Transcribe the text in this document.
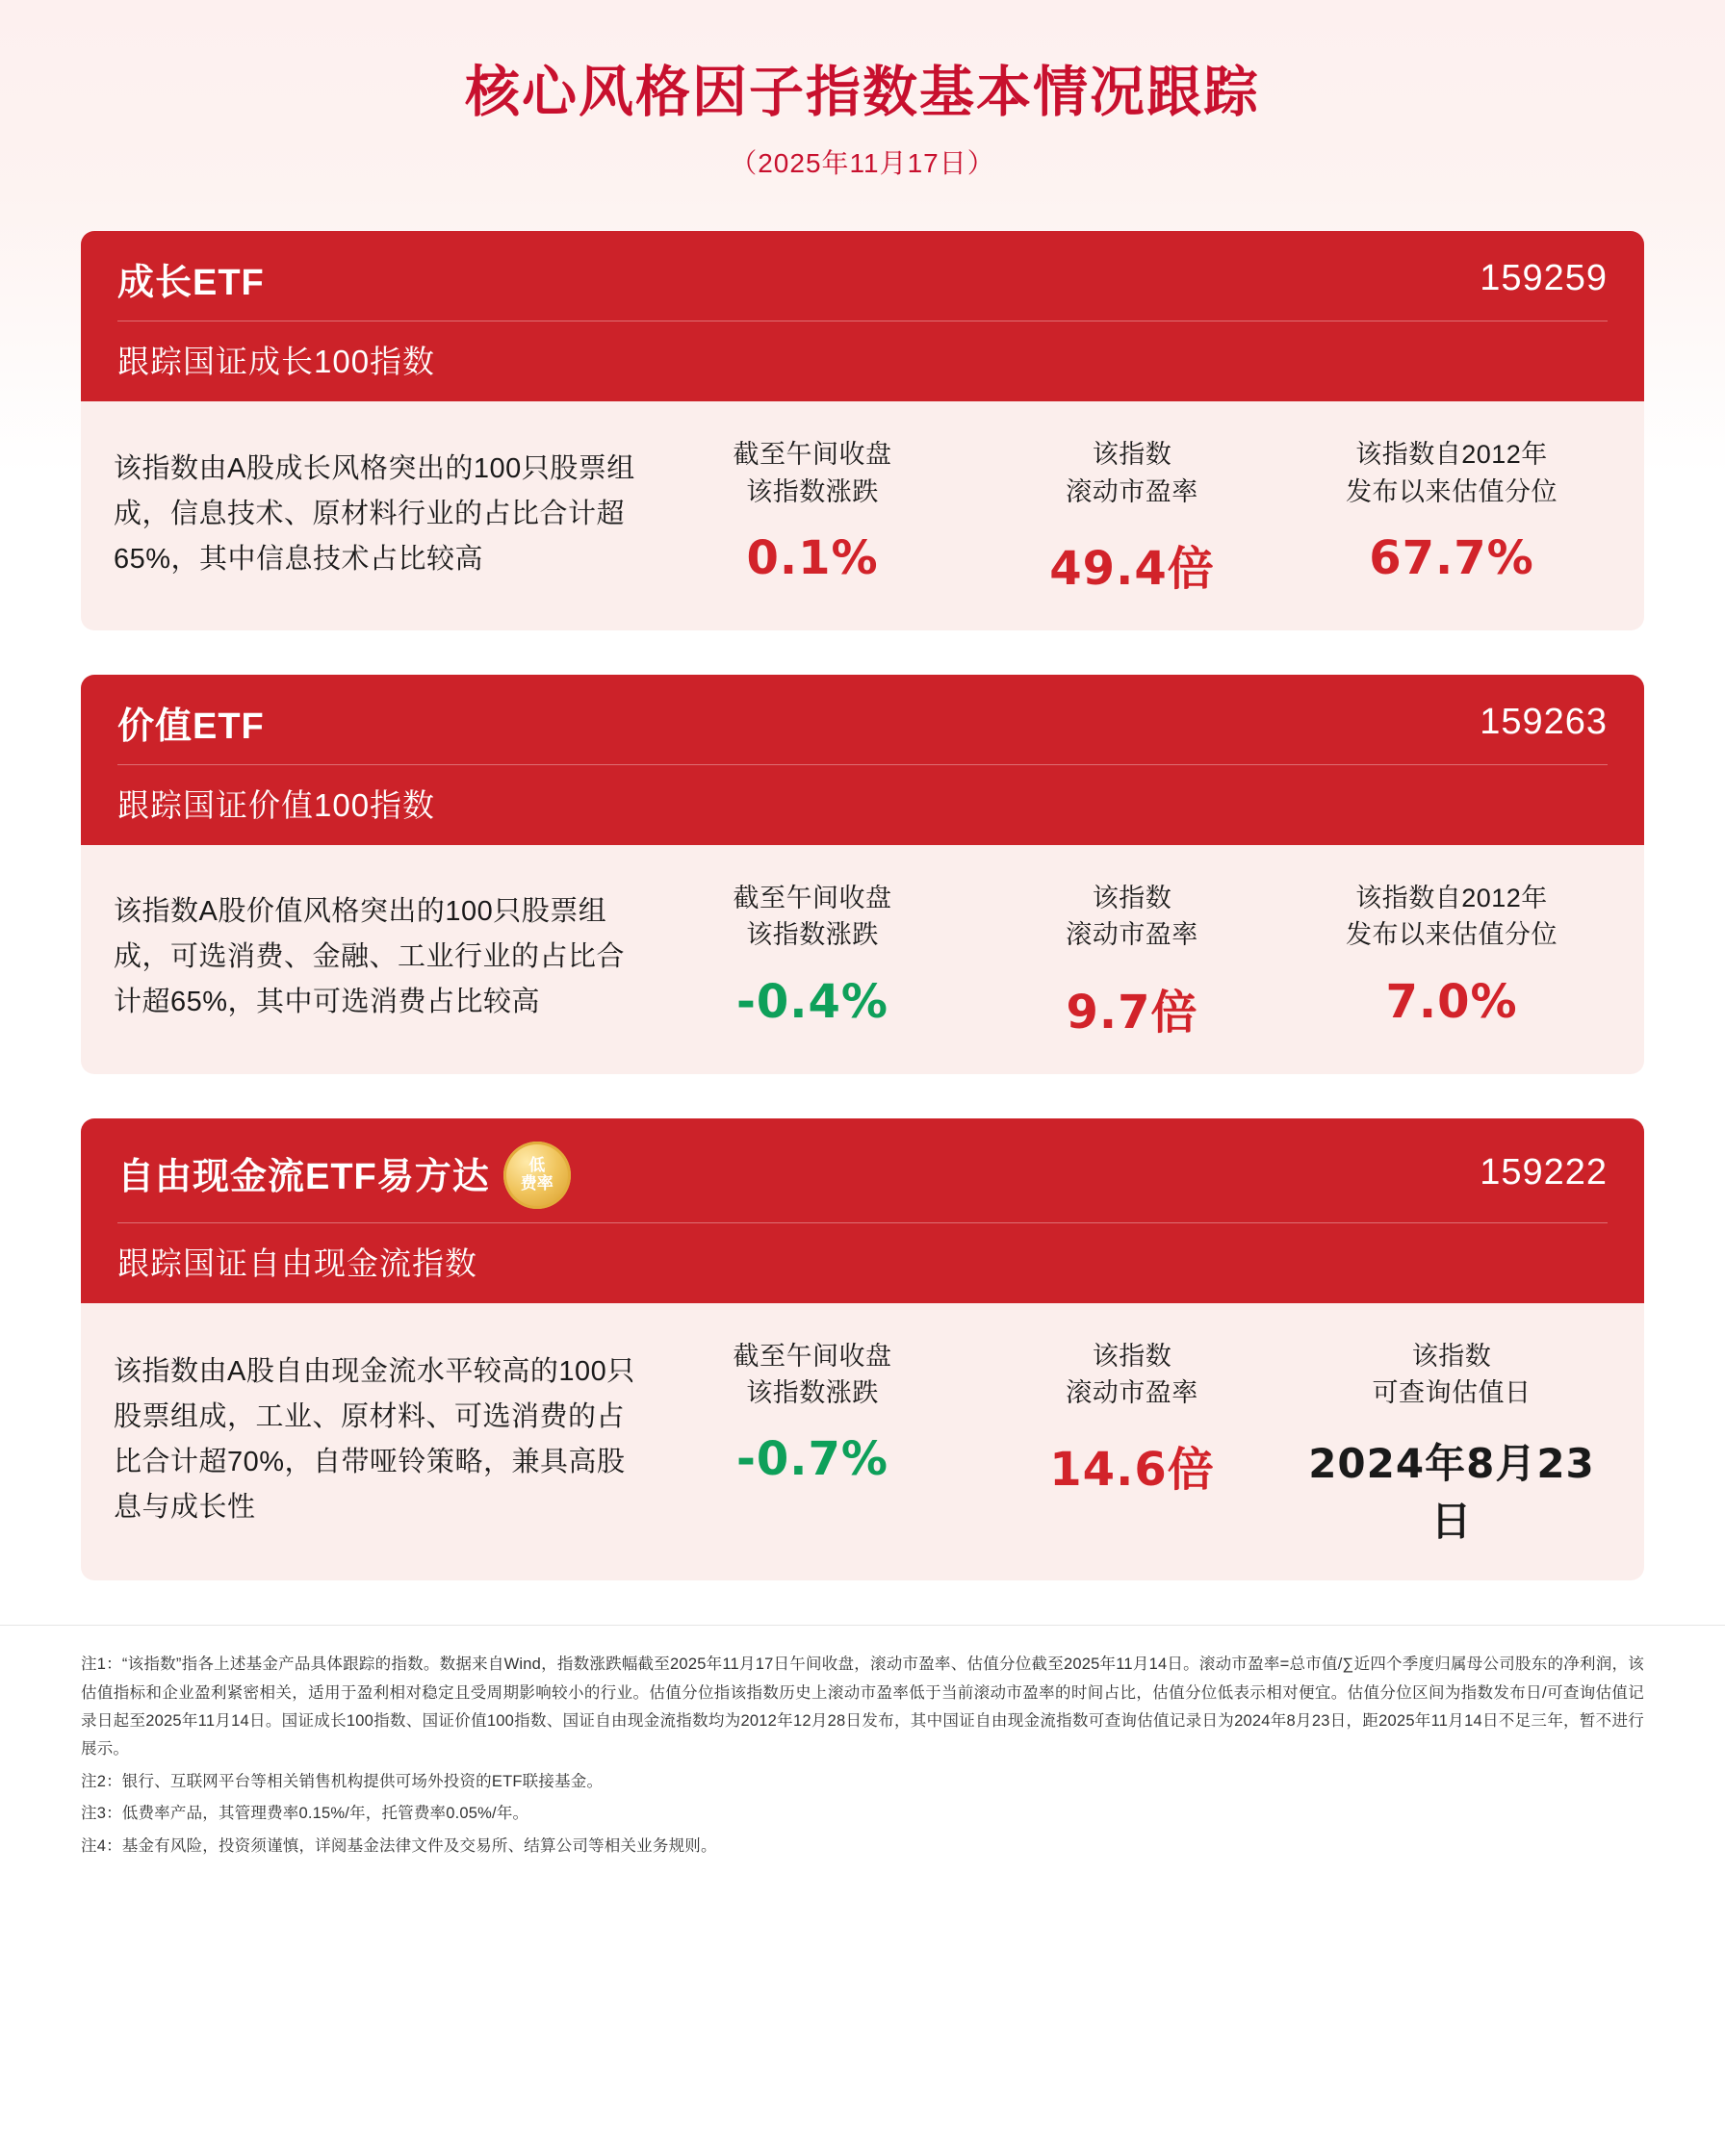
核心风格因子指数基本情况跟踪
（2025年11月17日）
成长ETF	159259
跟踪国证成长100指数
该指数由A股成长风格突出的100只股票组成，信息技术、原材料行业的占比合计超65%，其中信息技术占比较高
截至午间收盘
该指数涨跌
0.1%
该指数
滚动市盈率
49.4倍
该指数自2012年
发布以来估值分位
67.7%
价值ETF	159263
跟踪国证价值100指数
该指数A股价值风格突出的100只股票组成，可选消费、金融、工业行业的占比合计超65%，其中可选消费占比较高
截至午间收盘
该指数涨跌
-0.4%
该指数
滚动市盈率
9.7倍
该指数自2012年
发布以来估值分位
7.0%
自由现金流ETF易方达 低
费率	159222
跟踪国证自由现金流指数
该指数由A股自由现金流水平较高的100只股票组成，工业、原材料、可选消费的占比合计超70%，自带哑铃策略，兼具高股息与成长性
截至午间收盘
该指数涨跌
-0.7%
该指数
滚动市盈率
14.6倍
该指数
可查询估值日
2024年8月23日
注1：“该指数”指各上述基金产品具体跟踪的指数。数据来自Wind，指数涨跌幅截至2025年11月17日午间收盘，滚动市盈率、估值分位截至2025年11月14日。滚动市盈率=总市值/∑近四个季度归属母公司股东的净利润，该估值指标和企业盈利紧密相关，适用于盈利相对稳定且受周期影响较小的行业。估值分位指该指数历史上滚动市盈率低于当前滚动市盈率的时间占比，估值分位低表示相对便宜。估值分位区间为指数发布日/可查询估值记录日起至2025年11月14日。国证成长100指数、国证价值100指数、国证自由现金流指数均为2012年12月28日发布，其中国证自由现金流指数可查询估值记录日为2024年8月23日，距2025年11月14日不足三年，暂不进行展示。
注2：银行、互联网平台等相关销售机构提供可场外投资的ETF联接基金。
注3：低费率产品，其管理费率0.15%/年，托管费率0.05%/年。
注4：基金有风险，投资须谨慎，详阅基金法律文件及交易所、结算公司等相关业务规则。
